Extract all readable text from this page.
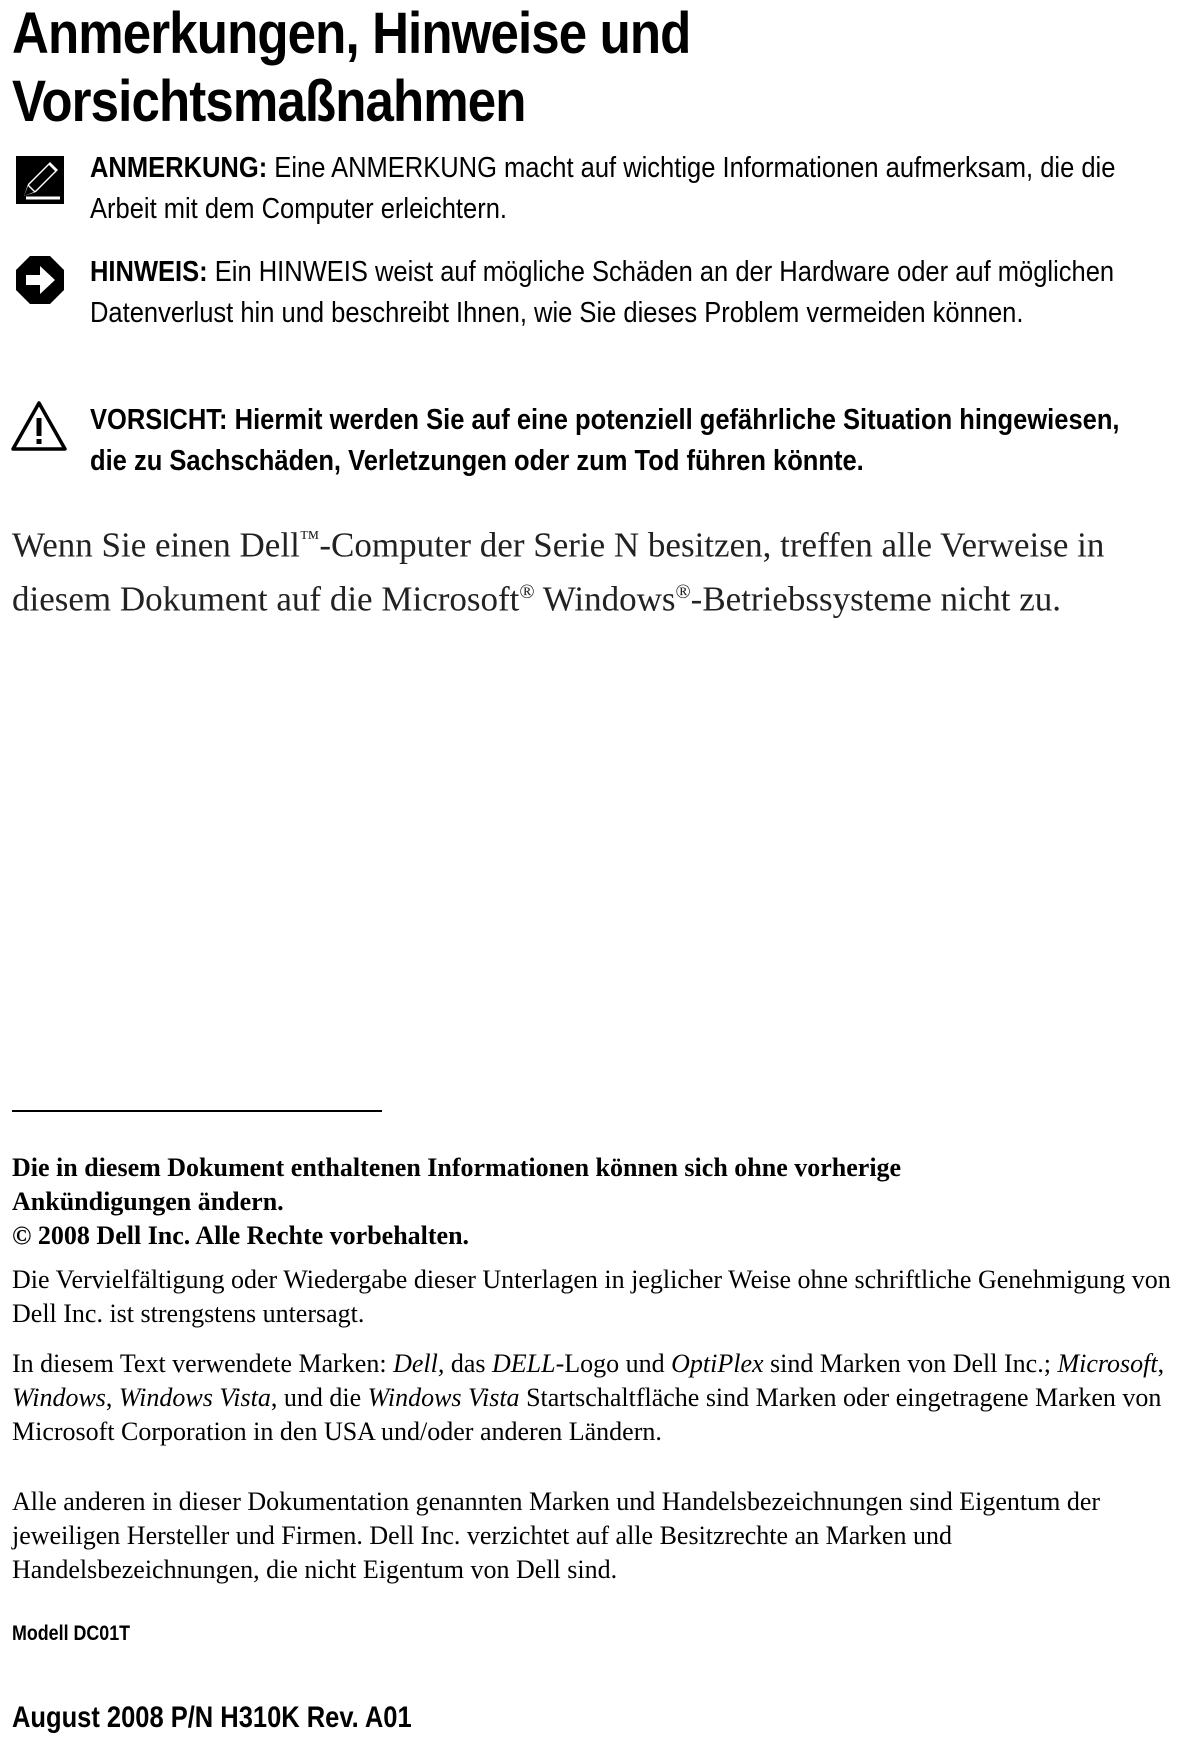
Anmerkungen, Hinweise und
Vorsichtsmaßnahmen
ANMERKUNG: Eine ANMERKUNG macht auf wichtige Informationen aufmerksam, die die Arbeit mit dem Computer erleichtern.
HINWEIS: Ein HINWEIS weist auf mögliche Schäden an der Hardware oder auf möglichen Datenverlust hin und beschreibt Ihnen, wie Sie dieses Problem vermeiden können.
VORSICHT: Hiermit werden Sie auf eine potenziell gefährliche Situation hingewiesen, die zu Sachschäden, Verletzungen oder zum Tod führen könnte.

Wenn Sie einen Dell™-Computer der Serie N besitzen, treffen alle Verweise in diesem Dokument auf die Microsoft® Windows®-Betriebssysteme nicht zu.

Die in diesem Dokument enthaltenen Informationen können sich ohne vorherige
Ankündigungen ändern.
© 2008 Dell Inc. Alle Rechte vorbehalten.

Die Vervielfältigung oder Wiedergabe dieser Unterlagen in jeglicher Weise ohne schriftliche Genehmigung von Dell Inc. ist strengstens untersagt.

In diesem Text verwendete Marken: Dell, das DELL-Logo und OptiPlex sind Marken von Dell Inc.; Microsoft, Windows, Windows Vista, und die Windows Vista Startschaltfläche sind Marken oder eingetragene Marken von Microsoft Corporation in den USA und/oder anderen Ländern.

Alle anderen in dieser Dokumentation genannten Marken und Handelsbezeichnungen sind Eigentum der jeweiligen Hersteller und Firmen. Dell Inc. verzichtet auf alle Besitzrechte an Marken und Handelsbezeichnungen, die nicht Eigentum von Dell sind.

Modell DC01T
August 2008 P/N H310K Rev. A01
